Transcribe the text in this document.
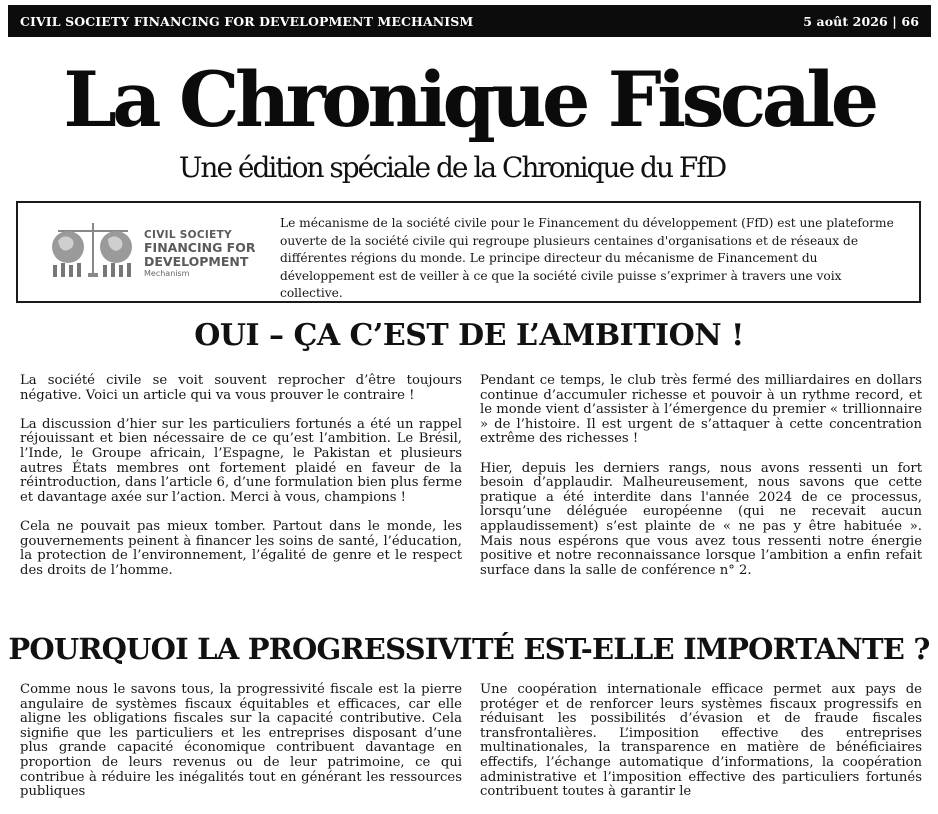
CIVIL SOCIETY FINANCING FOR DEVELOPMENT MECHANISM	5 août 2026 | 66
La Chronique Fiscale
Une édition spéciale de la Chronique du FfD
CIVIL SOCIETY
FINANCING FOR
DEVELOPMENT
Mechanism
Le mécanisme de la société civile pour le Financement du développement (FfD) est une plateforme ouverte de la société civile qui regroupe plusieurs centaines d'organisations et de réseaux de différentes régions du monde. Le principe directeur du mécanisme de Financement du développement est de veiller à ce que la société civile puisse s’exprimer à travers une voix collective.
OUI – ÇA C’EST DE L’AMBITION !

La société civile se voit souvent reprocher d’être toujours négative. Voici un article qui va vous prouver le contraire !

La discussion d’hier sur les particuliers fortunés a été un rappel réjouissant et bien nécessaire de ce qu’est l’ambition. Le Brésil, l’Inde, le Groupe africain, l’Espagne, le Pakistan et plusieurs autres États membres ont fortement plaidé en faveur de la réintroduction, dans l’article 6, d’une formulation bien plus ferme et davantage axée sur l’action. Merci à vous, champions !

Cela ne pouvait pas mieux tomber. Partout dans le monde, les gouvernements peinent à financer les soins de santé, l’éducation, la protection de l’environnement, l’égalité de genre et le respect des droits de l’homme.

Pendant ce temps, le club très fermé des milliardaires en dollars continue d’accumuler richesse et pouvoir à un rythme record, et le monde vient d’assister à l’émergence du premier « trillionnaire » de l’histoire. Il est urgent de s’attaquer à cette concentration extrême des richesses !

Hier, depuis les derniers rangs, nous avons ressenti un fort besoin d’applaudir. Malheureusement, nous savons que cette pratique a été interdite dans l'année 2024 de ce processus, lorsqu’une déléguée européenne (qui ne recevait aucun applaudissement) s’est plainte de « ne pas y être habituée ». Mais nous espérons que vous avez tous ressenti notre énergie positive et notre reconnaissance lorsque l’ambition a enfin refait surface dans la salle de conférence n° 2.

POURQUOI LA PROGRESSIVITÉ EST-ELLE IMPORTANTE ?

Comme nous le savons tous, la progressivité fiscale est la pierre angulaire de systèmes fiscaux équitables et efficaces, car elle aligne les obligations fiscales sur la capacité contributive. Cela signifie que les particuliers et les entreprises disposant d’une plus grande capacité économique contribuent davantage en proportion de leurs revenus ou de leur patrimoine, ce qui contribue à réduire les inégalités tout en générant les ressources publiques

Une coopération internationale efficace permet aux pays de protéger et de renforcer leurs systèmes fiscaux progressifs en réduisant les possibilités d’évasion et de fraude fiscales transfrontalières. L’imposition effective des entreprises multinationales, la transparence en matière de bénéficiaires effectifs, l’échange automatique d’informations, la coopération administrative et l’imposition effective des particuliers fortunés contribuent toutes à garantir le
